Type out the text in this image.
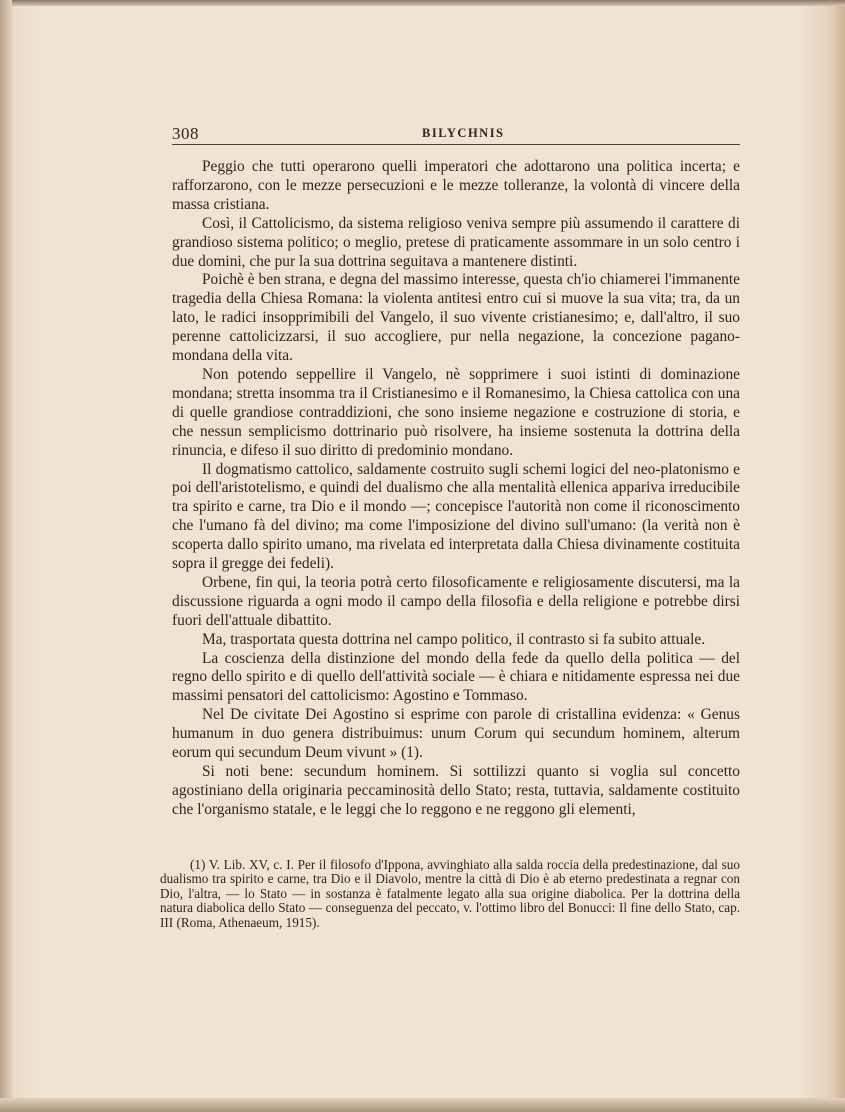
308	BILYCHNIS

Peggio che tutti operarono quelli imperatori che adottarono una politica incerta; e rafforzarono, con le mezze persecuzioni e le mezze tolleranze, la volontà di vincere della massa cristiana.

Così, il Cattolicismo, da sistema religioso veniva sempre più assumendo il carattere di grandioso sistema politico; o meglio, pretese di praticamente assommare in un solo centro i due domini, che pur la sua dottrina seguitava a mantenere distinti.

Poichè è ben strana, e degna del massimo interesse, questa ch'io chiamerei l'immanente tragedia della Chiesa Romana: la violenta antitesi entro cui si muove la sua vita; tra, da un lato, le radici insopprimibili del Vangelo, il suo vivente cristianesimo; e, dall'altro, il suo perenne cattolicizzarsi, il suo accogliere, pur nella negazione, la concezione pagano-mondana della vita.

Non potendo seppellire il Vangelo, nè sopprimere i suoi istinti di dominazione mondana; stretta insomma tra il Cristianesimo e il Romanesimo, la Chiesa cattolica con una di quelle grandiose contraddizioni, che sono insieme negazione e costruzione di storia, e che nessun semplicismo dottrinario può risolvere, ha insieme sostenuta la dottrina della rinuncia, e difeso il suo diritto di predominio mondano.

Il dogmatismo cattolico, saldamente costruito sugli schemi logici del neo-platonismo e poi dell'aristotelismo, e quindi del dualismo che alla mentalità ellenica appariva irreducibile tra spirito e carne, tra Dio e il mondo —; concepisce l'autorità non come il riconoscimento che l'umano fà del divino; ma come l'imposizione del divino sull'umano: (la verità non è scoperta dallo spirito umano, ma rivelata ed interpretata dalla Chiesa divinamente costituita sopra il gregge dei fedeli).

Orbene, fin qui, la teoria potrà certo filosoficamente e religiosamente discutersi, ma la discussione riguarda a ogni modo il campo della filosofia e della religione e potrebbe dirsi fuori dell'attuale dibattito.

Ma, trasportata questa dottrina nel campo politico, il contrasto si fa subito attuale.

La coscienza della distinzione del mondo della fede da quello della politica — del regno dello spirito e di quello dell'attività sociale — è chiara e nitidamente espressa nei due massimi pensatori del cattolicismo: Agostino e Tommaso.

Nel De civitate Dei Agostino si esprime con parole di cristallina evidenza: « Genus humanum in duo genera distribuimus: unum Corum qui secundum hominem, alterum eorum qui secundum Deum vivunt » (1).

Si noti bene: secundum hominem. Si sottilizzi quanto si voglia sul concetto agostiniano della originaria peccaminosità dello Stato; resta, tuttavia, saldamente costituito che l'organismo statale, e le leggi che lo reggono e ne reggono gli elementi,

(1) V. Lib. XV, c. I. Per il filosofo d'Ippona, avvinghiato alla salda roccia della predestinazione, dal suo dualismo tra spirito e carne, tra Dio e il Diavolo, mentre la città di Dio è ab eterno predestinata a regnar con Dio, l'altra, — lo Stato — in sostanza è fatalmente legato alla sua origine diabolica. Per la dottrina della natura diabolica dello Stato — conseguenza del peccato, v. l'ottimo libro del Bonucci: Il fine dello Stato, cap. III (Roma, Athenaeum, 1915).
